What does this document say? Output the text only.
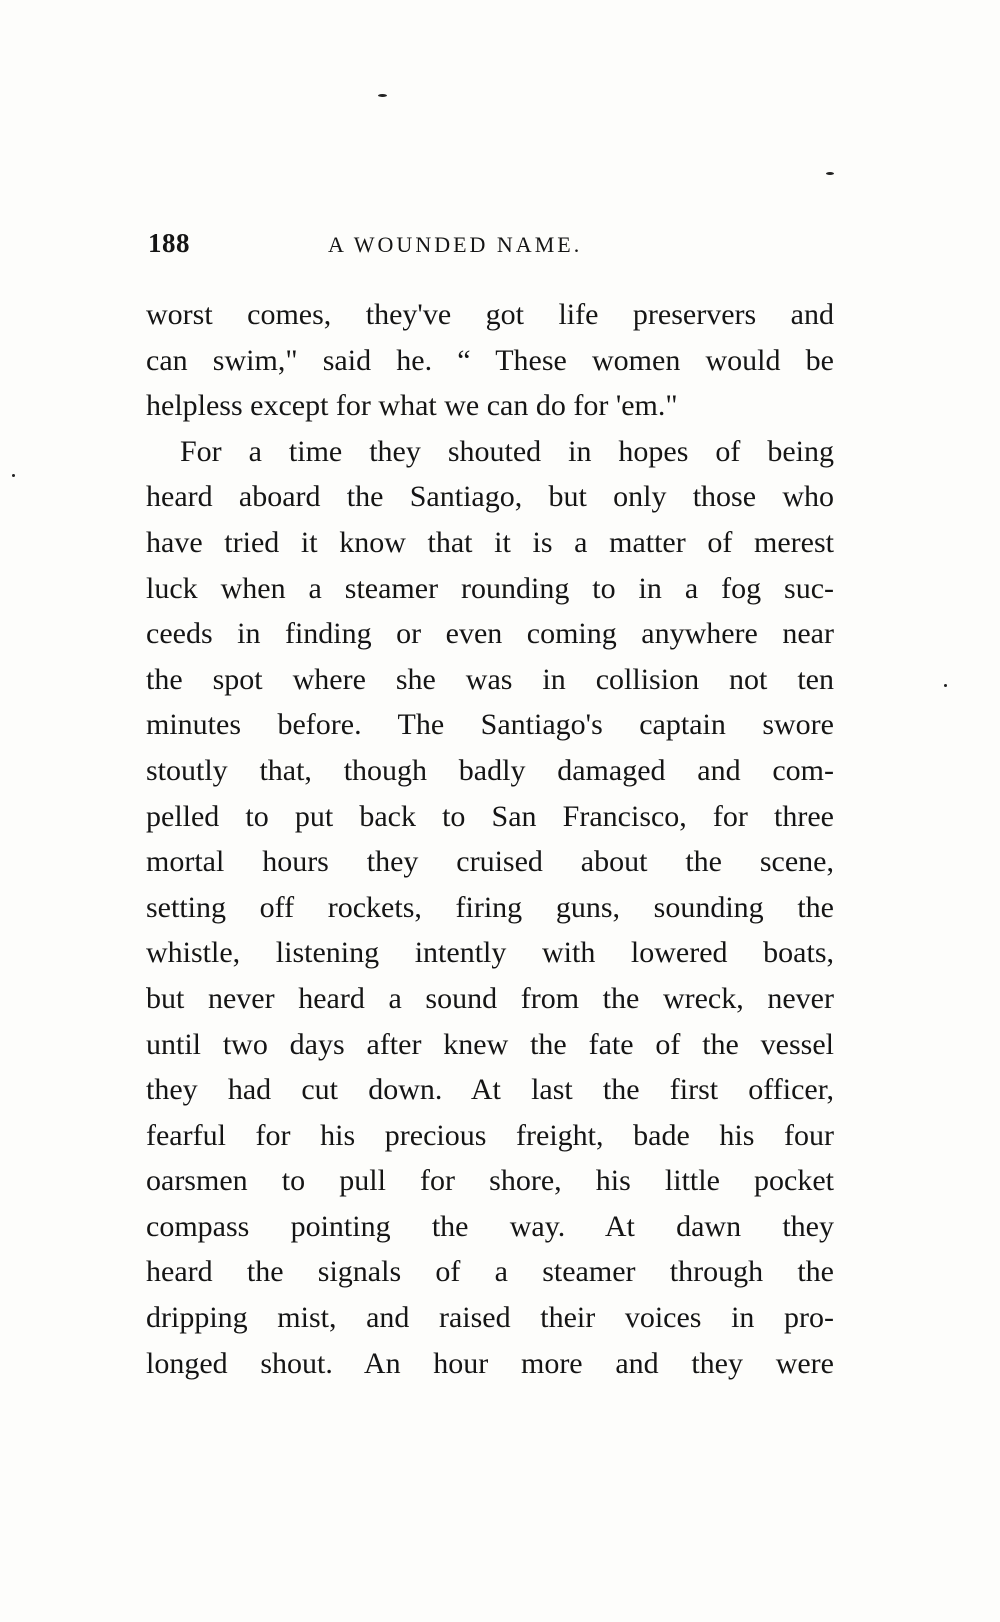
188	A WOUNDED NAME.
worst comes, they've got life preservers and
can swim," said he. “ These women would be
helpless except for what we can do for 'em."
For a time they shouted in hopes of being
heard aboard the Santiago, but only those who
have tried it know that it is a matter of merest
luck when a steamer rounding to in a fog suc-
ceeds in finding or even coming anywhere near
the spot where she was in collision not ten
minutes before. The Santiago's captain swore
stoutly that, though badly damaged and com-
pelled to put back to San Francisco, for three
mortal hours they cruised about the scene,
setting off rockets, firing guns, sounding the
whistle, listening intently with lowered boats,
but never heard a sound from the wreck, never
until two days after knew the fate of the vessel
they had cut down. At last the first officer,
fearful for his precious freight, bade his four
oarsmen to pull for shore, his little pocket
compass pointing the way. At dawn they
heard the signals of a steamer through the
dripping mist, and raised their voices in pro-
longed shout. An hour more and they were
